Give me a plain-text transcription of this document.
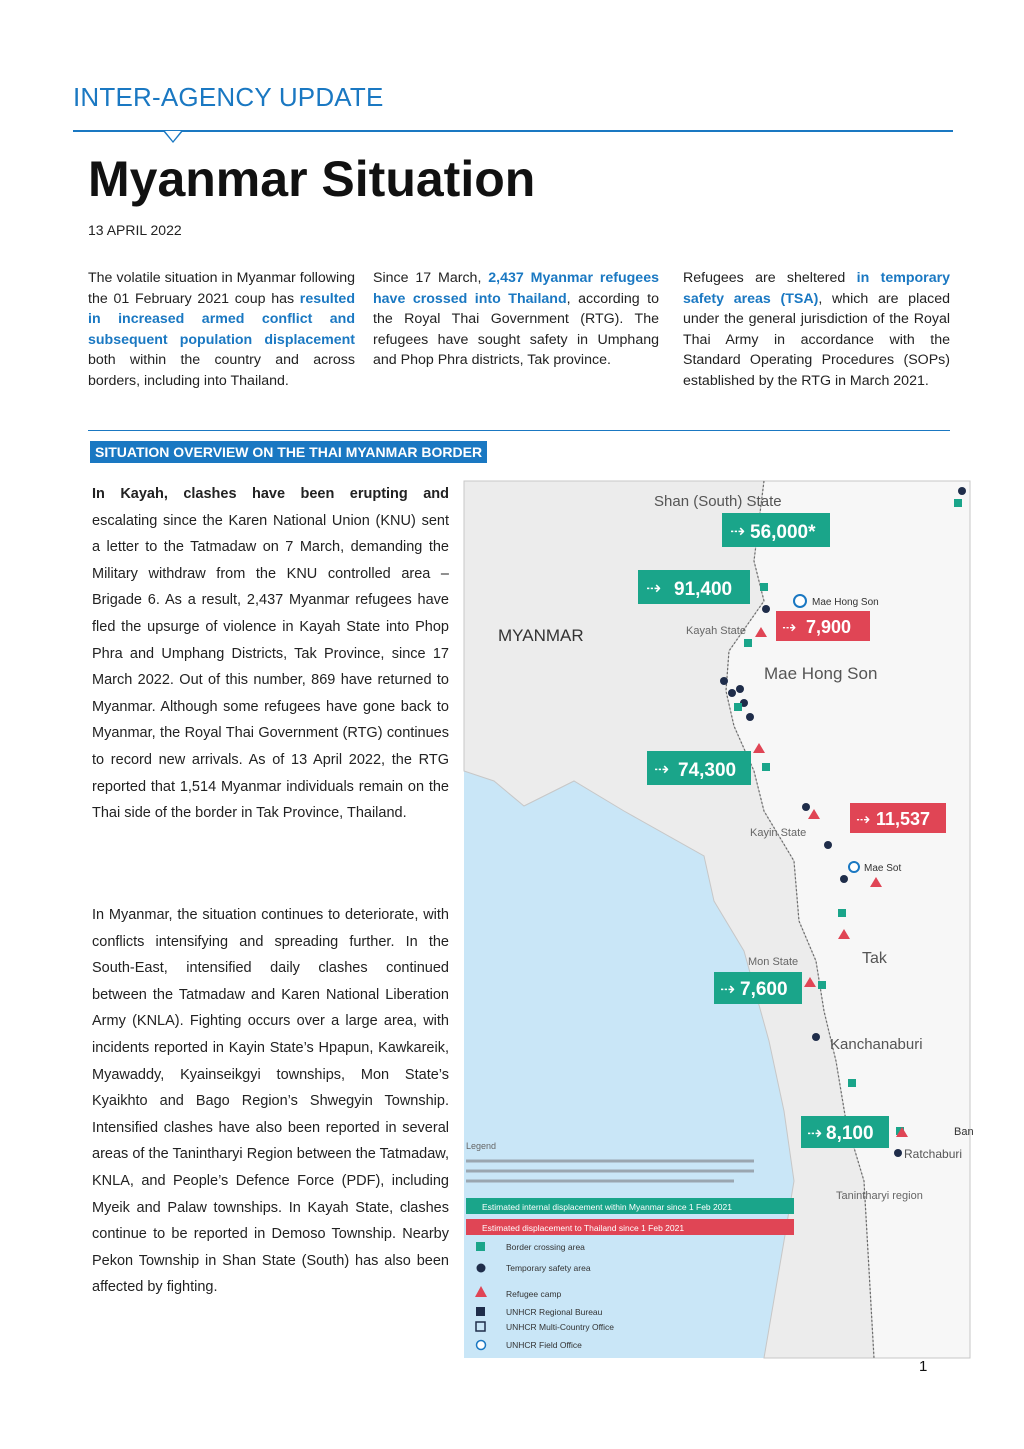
INTER-AGENCY UPDATE
Myanmar Situation
13 APRIL 2022
The volatile situation in Myanmar following the 01 February 2021 coup has resulted in increased armed conflict and subsequent population displacement both within the country and across borders, including into Thailand.
Since 17 March, 2,437 Myanmar refugees have crossed into Thailand, according to the Royal Thai Government (RTG). The refugees have sought safety in Umphang and Phop Phra districts, Tak province.
Refugees are sheltered in temporary safety areas (TSA), which are placed under the general jurisdiction of the Royal Thai Army in accordance with the Standard Operating Procedures (SOPs) established by the RTG in March 2021.
SITUATION OVERVIEW ON THE THAI MYANMAR BORDER
In Kayah, clashes have been erupting and escalating since the Karen National Union (KNU) sent a letter to the Tatmadaw on 7 March, demanding the Military withdraw from the KNU controlled area – Brigade 6. As a result, 2,437 Myanmar refugees have fled the upsurge of violence in Kayah State into Phop Phra and Umphang Districts, Tak Province, since 17 March 2022. Out of this number, 869 have returned to Myanmar. Although some refugees have gone back to Myanmar, the Royal Thai Government (RTG) continues to record new arrivals. As of 13 April 2022, the RTG reported that 1,514 Myanmar individuals remain on the Thai side of the border in Tak Province, Thailand.
In Myanmar, the situation continues to deteriorate, with conflicts intensifying and spreading further. In the South-East, intensified daily clashes continued between the Tatmadaw and Karen National Liberation Army (KNLA). Fighting occurs over a large area, with incidents reported in Kayin State’s Hpapun, Kawkareik, Myawaddy, Kyainseikgyi townships, Mon State’s Kyaikhto and Bago Region’s Shwegyin Township. Intensified clashes have also been reported in several areas of the Tanintharyi Region between the Tatmadaw, KNLA, and People’s Defence Force (PDF), including Myeik and Palaw townships. In Kayah State, clashes continue to be reported in Demoso Township. Nearby Pekon Township in Shan State (South) has also been affected by fighting.
MYANMAR
Shan (South) State
Mae Hong Son
Tak
Kanchanaburi
Ratchaburi
Kayah State
Kayin State
Mon State
Tanintharyi region
Mae Sot
Mae Hong Son
Ban
⇢ 56,000*
⇢ 91,400
⇢ 74,300
⇢ 7,600
⇢ 8,100
⇢ 7,900
⇢ 11,537
Legend
Estimated internal displacement within Myanmar since 1 Feb 2021
Estimated displacement to Thailand since 1 Feb 2021
Border crossing area
Temporary safety area
Refugee camp
UNHCR Regional Bureau
UNHCR Multi-Country Office
UNHCR Field Office
1
